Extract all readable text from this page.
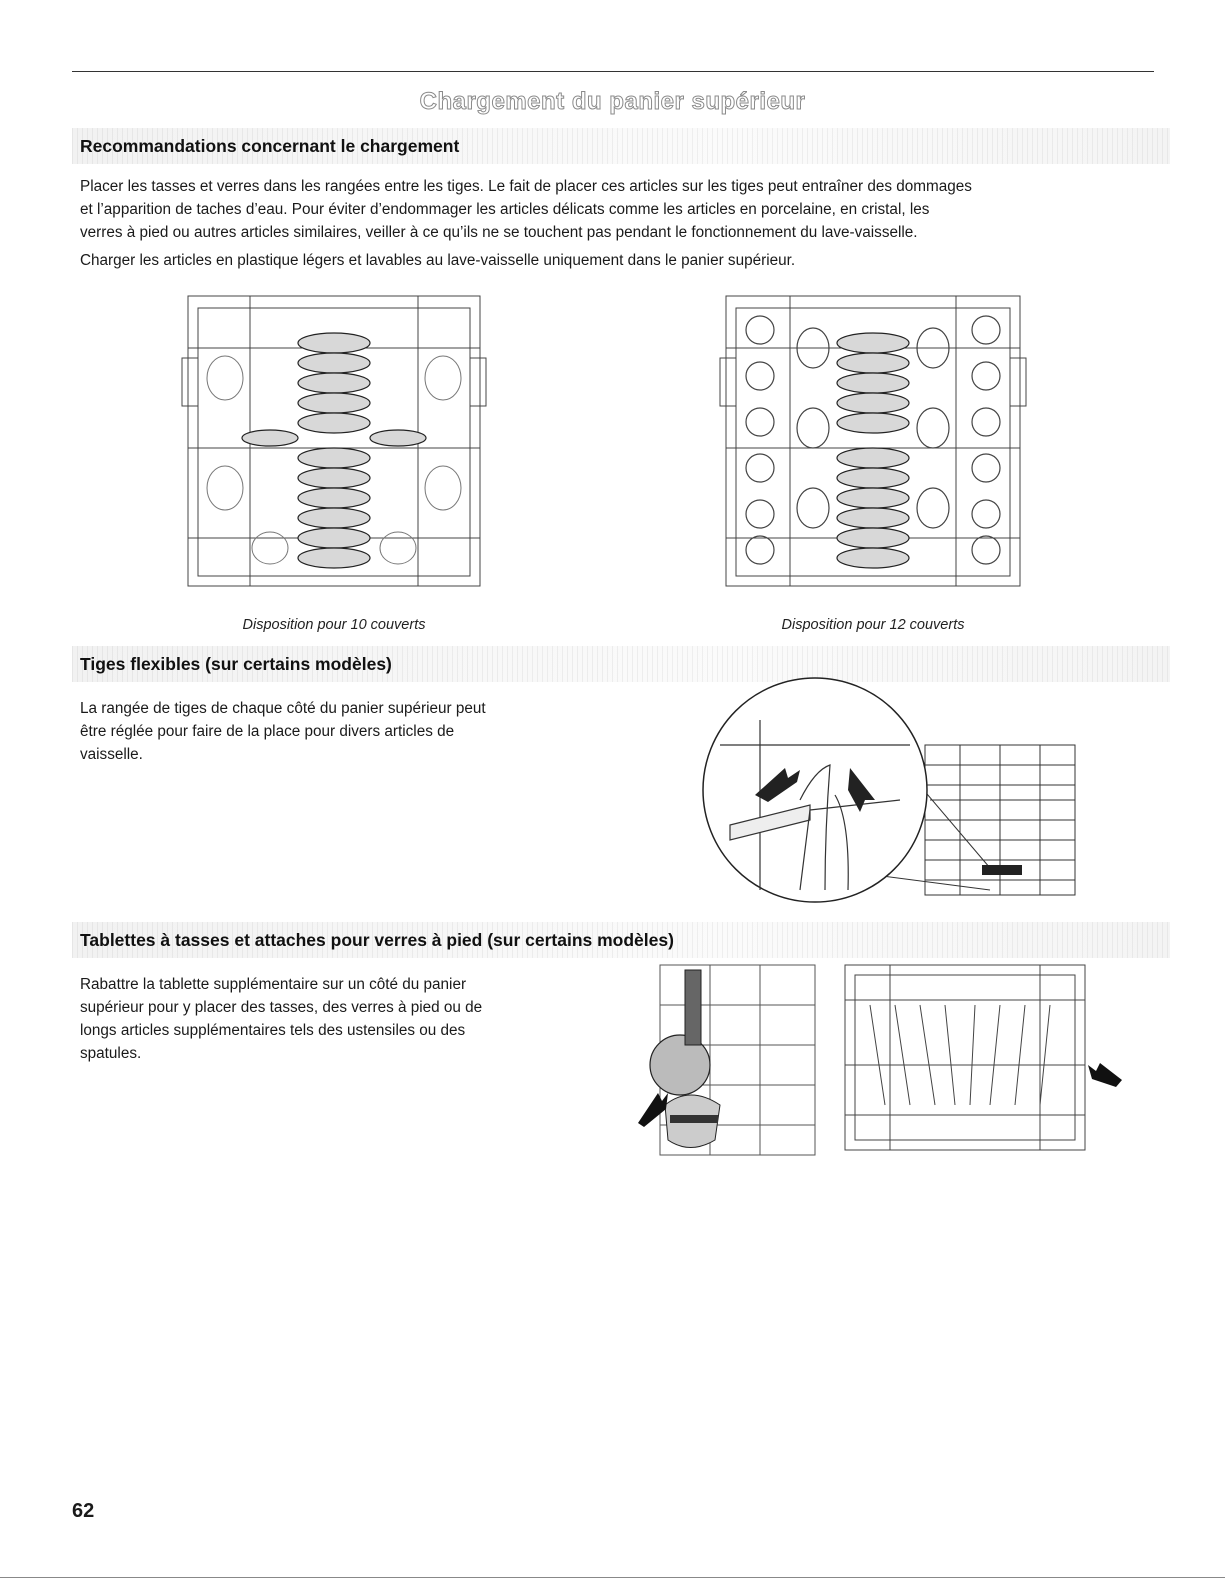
Chargement du panier supérieur
Recommandations concernant le chargement
Placer les tasses et verres dans les rangées entre les tiges. Le fait de placer ces articles sur les tiges peut entraîner des dommages
et l’apparition de taches d’eau. Pour éviter d’endommager les articles délicats comme les articles en porcelaine, en cristal, les
verres à pied ou autres articles similaires, veiller à ce qu’ils ne se touchent pas pendant le fonctionnement du lave-vaisselle.
Charger les articles en plastique légers et lavables au lave-vaisselle uniquement dans le panier supérieur.
Disposition pour 10 couverts	Disposition pour 12 couverts
Tiges flexibles (sur certains modèles)
La rangée de tiges de chaque côté du panier supérieur peut
être réglée pour faire de la place pour divers articles de
vaisselle.
Tablettes à tasses et attaches pour verres à pied (sur certains modèles)
Rabattre la tablette supplémentaire sur un côté du panier
supérieur pour y placer des tasses, des verres à pied ou de
longs articles supplémentaires tels des ustensiles ou des
spatules.
62
